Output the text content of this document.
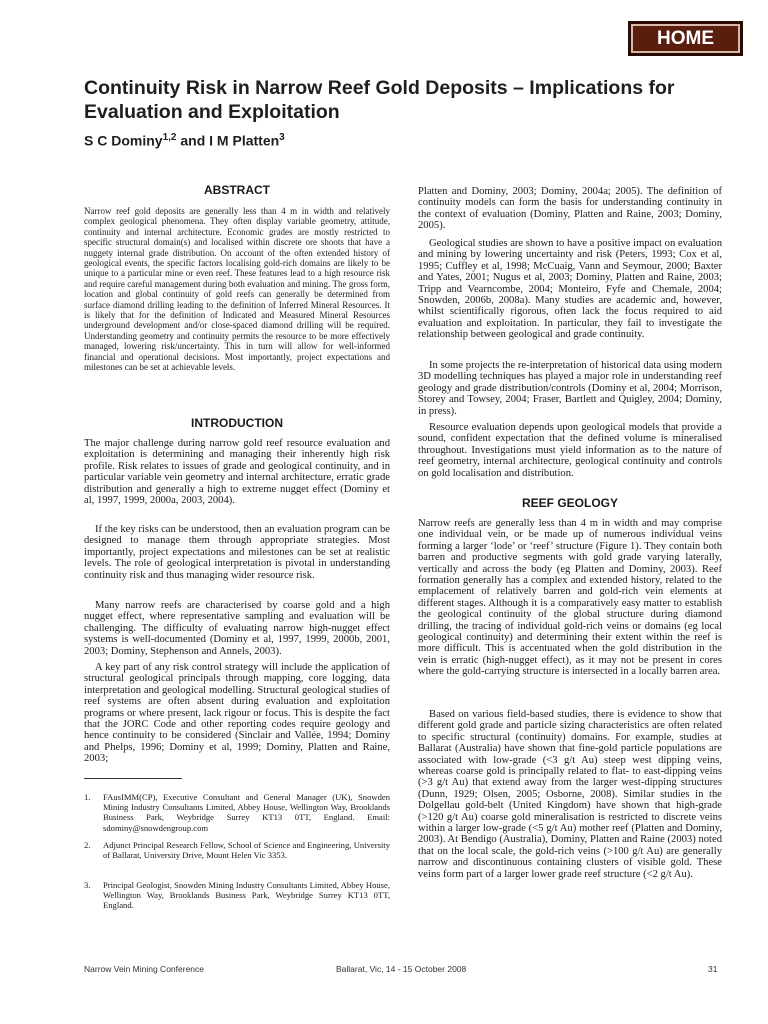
HOME
Continuity Risk in Narrow Reef Gold Deposits – Implications for Evaluation and Exploitation

S C Dominy$^{1,2}$ and I M Platten$^3$

ABSTRACT

Narrow reef gold deposits are generally less than 4 m in width and relatively complex geological phenomena. They often display variable geometry, attitude, continuity and internal architecture. Economic grades are mostly restricted to specific structural domain(s) and localised within discrete ore shoots that have a nuggety internal grade distribution. On account of the often extended history of geological events, the specific factors localising gold-rich domains are likely to be unique to a particular mine or even reef. These features lead to a high resource risk and require careful management during both evaluation and mining. The gross form, location and global continuity of gold reefs can generally be determined from surface diamond drilling leading to the definition of Inferred Mineral Resources. It is likely that for the definition of Indicated and Measured Mineral Resources underground development and/or close-spaced diamond drilling will be required. Understanding geometry and continuity permits the resource to be more effectively managed, lowering risk/uncertainty. This in turn will allow for well-informed financial and operational decisions. Most importantly, project expectations and milestones can be set at achievable levels.

INTRODUCTION

The major challenge during narrow gold reef resource evaluation and exploitation is determining and managing their inherently high risk profile. Risk relates to issues of grade and geological continuity, and in particular variable vein geometry and internal architecture, erratic grade distribution and generally a high to extreme nugget effect (Dominy et al, 1997, 1999, 2000a, 2003, 2004).

If the key risks can be understood, then an evaluation program can be designed to manage them through appropriate strategies. Most importantly, project expectations and milestones can be set at realistic levels. The role of geological interpretation is pivotal in understanding continuity risk and thus managing wider resource risk.

Many narrow reefs are characterised by coarse gold and a high nugget effect, where representative sampling and evaluation will be challenging. The difficulty of evaluating narrow high-nugget effect systems is well-documented (Dominy et al, 1997, 1999, 2000b, 2001, 2003; Dominy, Stephenson and Annels, 2003).

A key part of any risk control strategy will include the application of structural geological principals through mapping, core logging, data interpretation and geological modelling. Structural geological studies of reef systems are often absent during evaluation and exploitation programs or where present, lack rigour or focus. This is despite the fact that the JORC Code and other reporting codes require geology and hence continuity to be considered (Sinclair and Vallée, 1994; Dominy and Phelps, 1996; Dominy et al, 1999; Dominy, Platten and Raine, 2003;

1. FAusIMM(CP), Executive Consultant and General Manager (UK), Snowden Mining Industry Consultants Limited, Abbey House, Wellington Way, Brooklands Business Park, Weybridge Surrey KT13 0TT, England. Email: sdominy@snowdengroup.com
2. Adjunct Principal Research Fellow, School of Science and Engineering, University of Ballarat, University Drive, Mount Helen Vic 3353.
3. Principal Geologist, Snowden Mining Industry Consultants Limited, Abbey House, Wellington Way, Brooklands Business Park, Weybridge Surrey KT13 0TT, England.

Platten and Dominy, 2003; Dominy, 2004a; 2005). The definition of continuity models can form the basis for understanding continuity in the context of evaluation (Dominy, Platten and Raine, 2003; Dominy, 2005).

Geological studies are shown to have a positive impact on evaluation and mining by lowering uncertainty and risk (Peters, 1993; Cox et al, 1995; Cuffley et al, 1998; McCuaig, Vann and Seymour, 2000; Baxter and Yates, 2001; Nugus et al, 2003; Dominy, Platten and Raine, 2003; Tripp and Vearncombe, 2004; Monteiro, Fyfe and Chemale, 2004; Snowden, 2006b, 2008a). Many studies are academic and, however, whilst scientifically rigorous, often lack the focus required to aid evaluation and exploitation. In particular, they fail to investigate the relationship between geological and grade continuity.

In some projects the re-interpretation of historical data using modern 3D modelling techniques has played a major role in understanding reef geology and grade distribution/controls (Dominy et al, 2004; Morrison, Storey and Towsey, 2004; Fraser, Bartlett and Quigley, 2004; Dominy, in press).

Resource evaluation depends upon geological models that provide a sound, confident expectation that the defined volume is mineralised throughout. Investigations must yield information as to the nature of reef geometry, internal architecture, geological continuity and controls on gold localisation and distribution.

REEF GEOLOGY

Narrow reefs are generally less than 4 m in width and may comprise one individual vein, or be made up of numerous individual veins forming a larger ‘lode’ or ‘reef’ structure (Figure 1). They contain both barren and productive segments with gold grade varying laterally, vertically and across the body (eg Platten and Dominy, 2003). Reef formation generally has a complex and extended history, related to the emplacement of relatively barren and gold-rich vein elements at different stages. Although it is a comparatively easy matter to establish the geological continuity of the global structure during diamond drilling, the tracing of individual gold-rich veins or domains (eg local geological continuity) and determining their extent within the reef is more difficult. This is accentuated when the gold distribution in the vein is erratic (high-nugget effect), as it may not be present in cores where the gold-carrying structure is intersected in a locally barren area.

Based on various field-based studies, there is evidence to show that different gold grade and particle sizing characteristics are often related to specific structural (continuity) domains. For example, studies at Ballarat (Australia) have shown that fine-gold particle populations are associated with low-grade (<3 g/t Au) steep west dipping veins, whereas coarse gold is principally related to flat- to east-dipping veins (>3 g/t Au) that extend away from the larger west-dipping structures (Dunn, 1929; Olsen, 2005; Osborne, 2008). Similar studies in the Dolgellau gold-belt (United Kingdom) have shown that high-grade (>120 g/t Au) coarse gold mineralisation is restricted to discrete veins within a larger low-grade (<5 g/t Au) mother reef (Platten and Dominy, 2003). At Bendigo (Australia), Dominy, Platten and Raine (2003) noted that on the local scale, the gold-rich veins (>100 g/t Au) are generally narrow and discontinuous containing clusters of visible gold. These veins form part of a larger lower grade reef structure (<2 g/t Au).

Narrow Vein Mining Conference	Ballarat, Vic, 14 - 15 October 2008	31
